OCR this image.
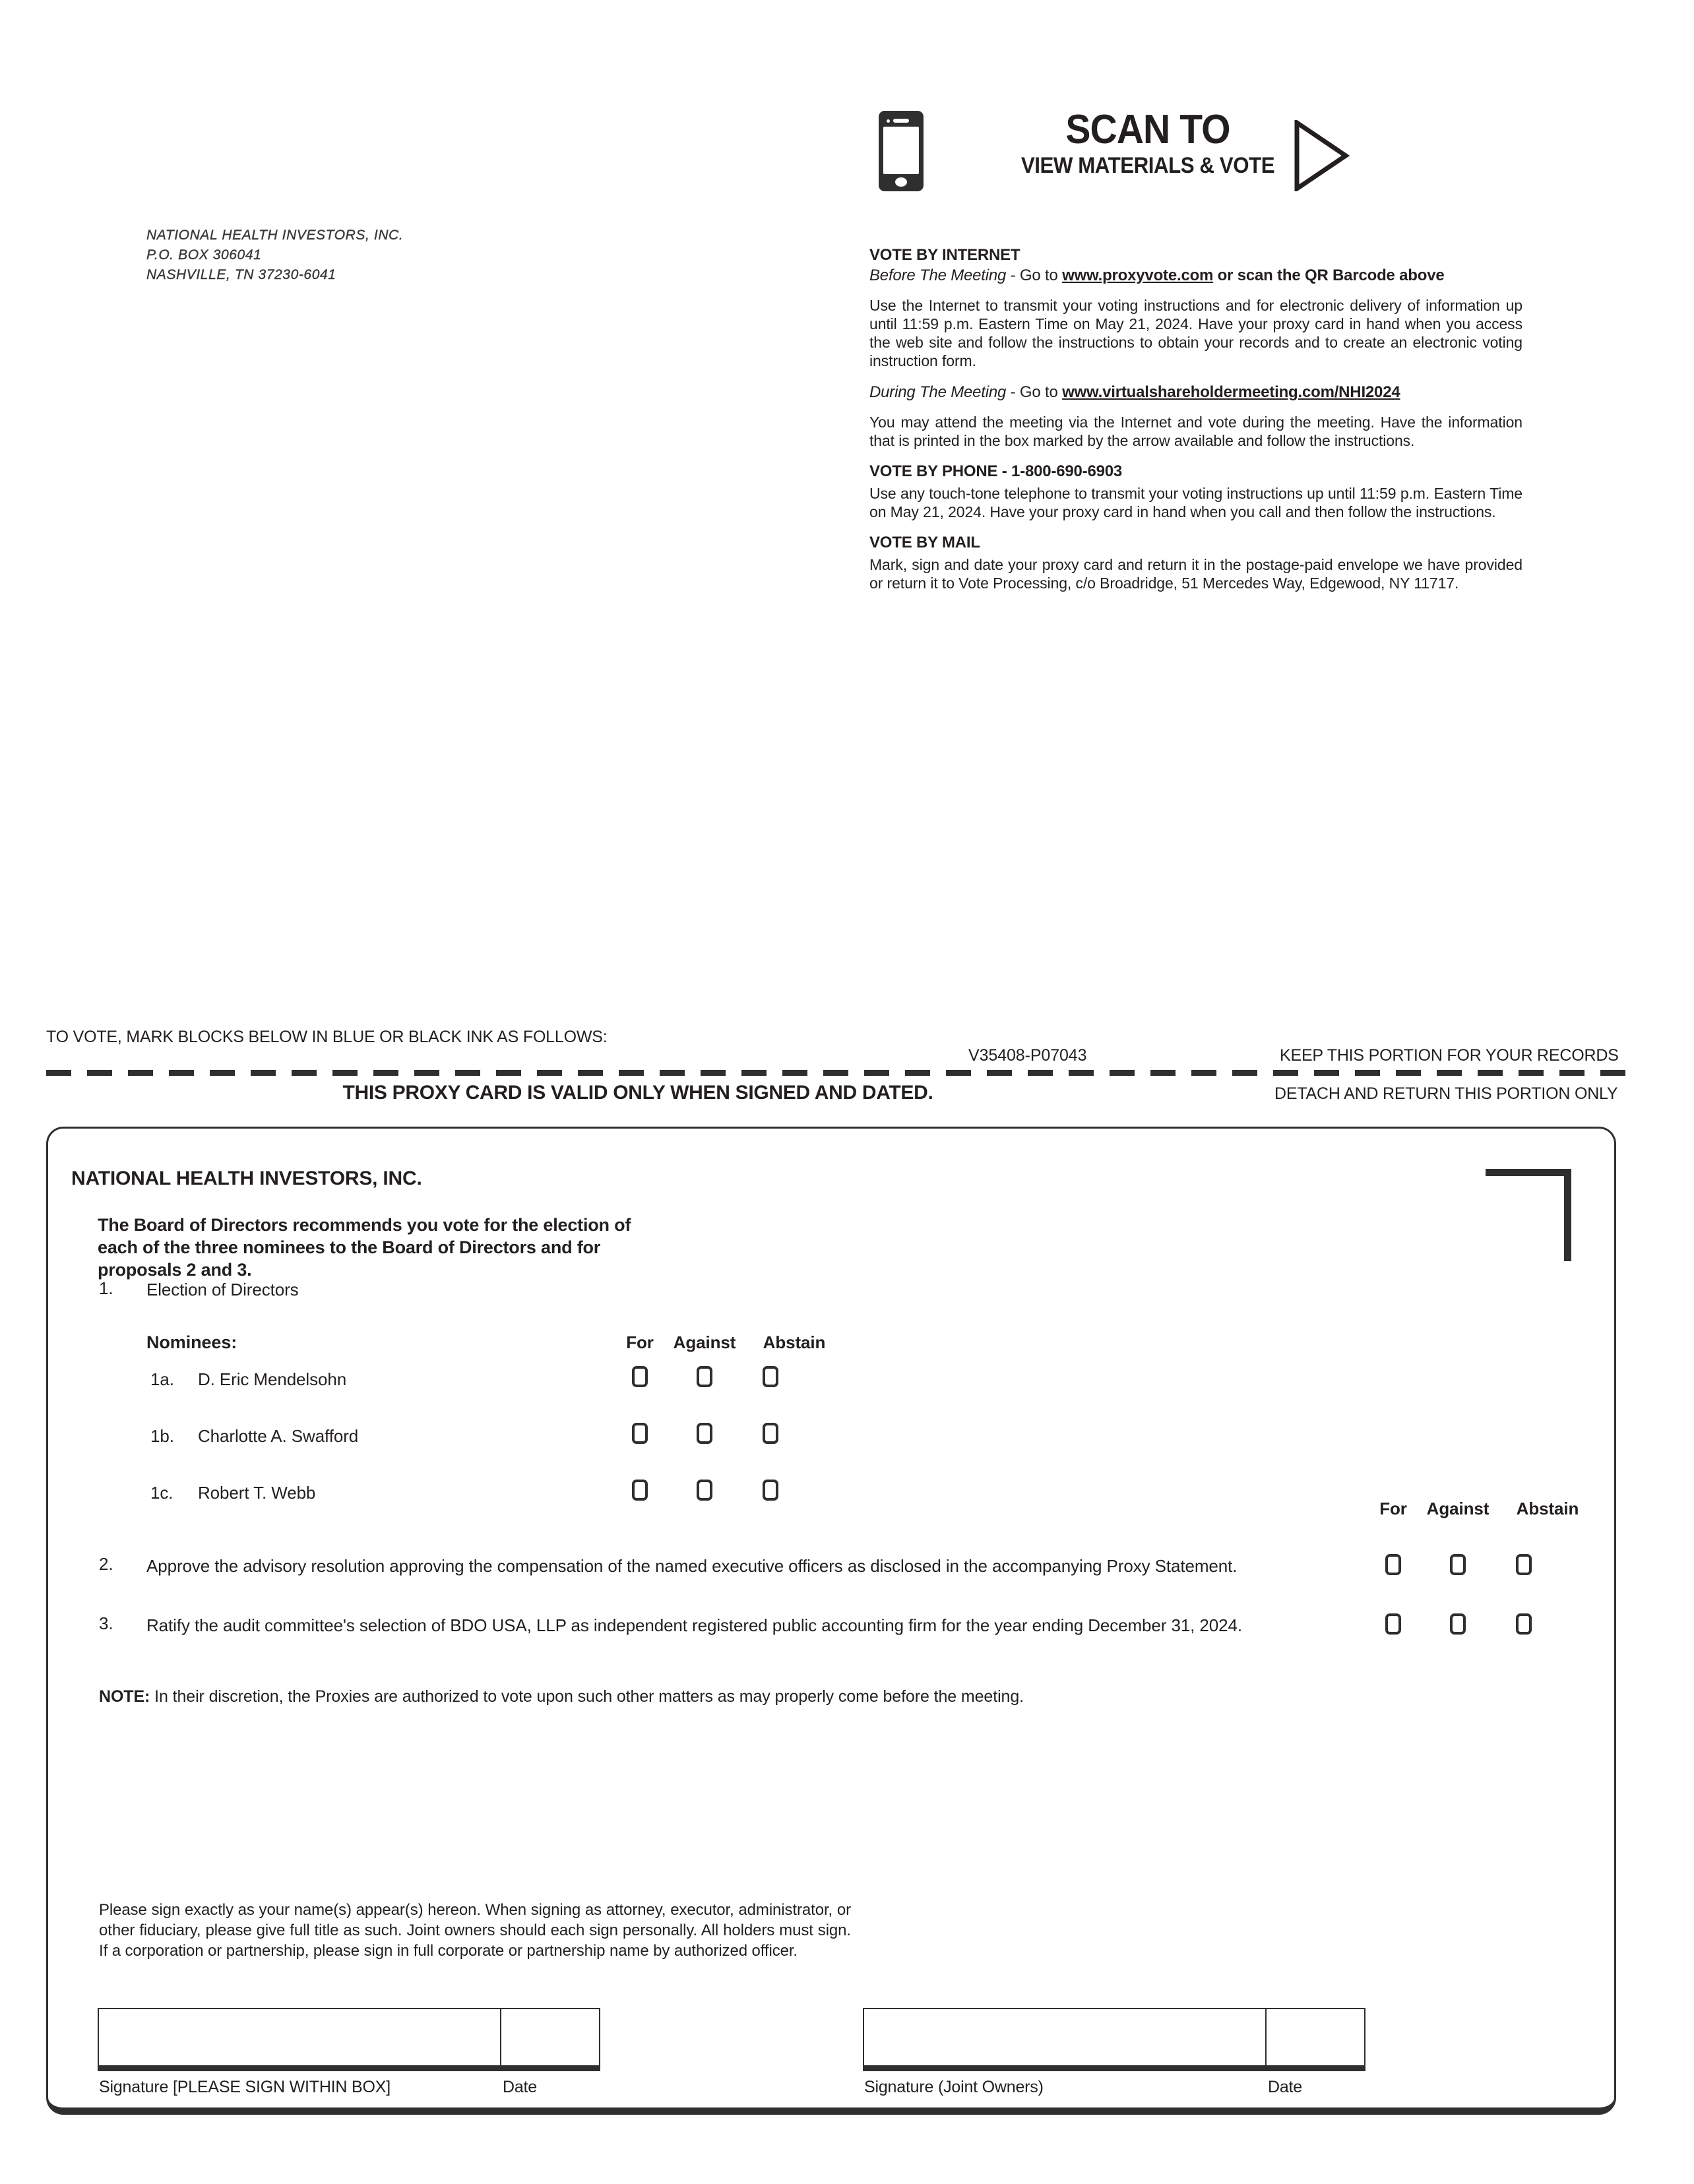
NATIONAL HEALTH INVESTORS, INC.
P.O. BOX 306041
NASHVILLE, TN 37230-6041
SCAN TO
VIEW MATERIALS & VOTE
VOTE BY INTERNET
Before The Meeting - Go to www.proxyvote.com or scan the QR Barcode above
Use the Internet to transmit your voting instructions and for electronic delivery of information up until 11:59 p.m. Eastern Time on May 21, 2024. Have your proxy card in hand when you access the web site and follow the instructions to obtain your records and to create an electronic voting instruction form.
During The Meeting - Go to www.virtualshareholdermeeting.com/NHI2024
You may attend the meeting via the Internet and vote during the meeting. Have the information that is printed in the box marked by the arrow available and follow the instructions.
VOTE BY PHONE - 1-800-690-6903
Use any touch-tone telephone to transmit your voting instructions up until 11:59 p.m. Eastern Time on May 21, 2024. Have your proxy card in hand when you call and then follow the instructions.
VOTE BY MAIL
Mark, sign and date your proxy card and return it in the postage-paid envelope we have provided or return it to Vote Processing, c/o Broadridge, 51 Mercedes Way, Edgewood, NY 11717.
TO VOTE, MARK BLOCKS BELOW IN BLUE OR BLACK INK AS FOLLOWS:
V35408-P07043	KEEP THIS PORTION FOR YOUR RECORDS
DETACH AND RETURN THIS PORTION ONLY
THIS PROXY CARD IS VALID ONLY WHEN SIGNED AND DATED.
NATIONAL HEALTH INVESTORS, INC.
The Board of Directors recommends you vote for the election of each of the three nominees to the Board of Directors and for proposals 2 and 3.
1. Election of Directors
Nominees:	For	Against	Abstain
1a. D. Eric Mendelsohn
1b. Charlotte A. Swafford
1c. Robert T. Webb
For	Against	Abstain
2. Approve the advisory resolution approving the compensation of the named executive officers as disclosed in the accompanying Proxy Statement.
3. Ratify the audit committee's selection of BDO USA, LLP as independent registered public accounting firm for the year ending December 31, 2024.
NOTE: In their discretion, the Proxies are authorized to vote upon such other matters as may properly come before the meeting.
Please sign exactly as your name(s) appear(s) hereon. When signing as attorney, executor, administrator, or other fiduciary, please give full title as such. Joint owners should each sign personally. All holders must sign. If a corporation or partnership, please sign in full corporate or partnership name by authorized officer.
Signature [PLEASE SIGN WITHIN BOX]	Date	Signature (Joint Owners)	Date
